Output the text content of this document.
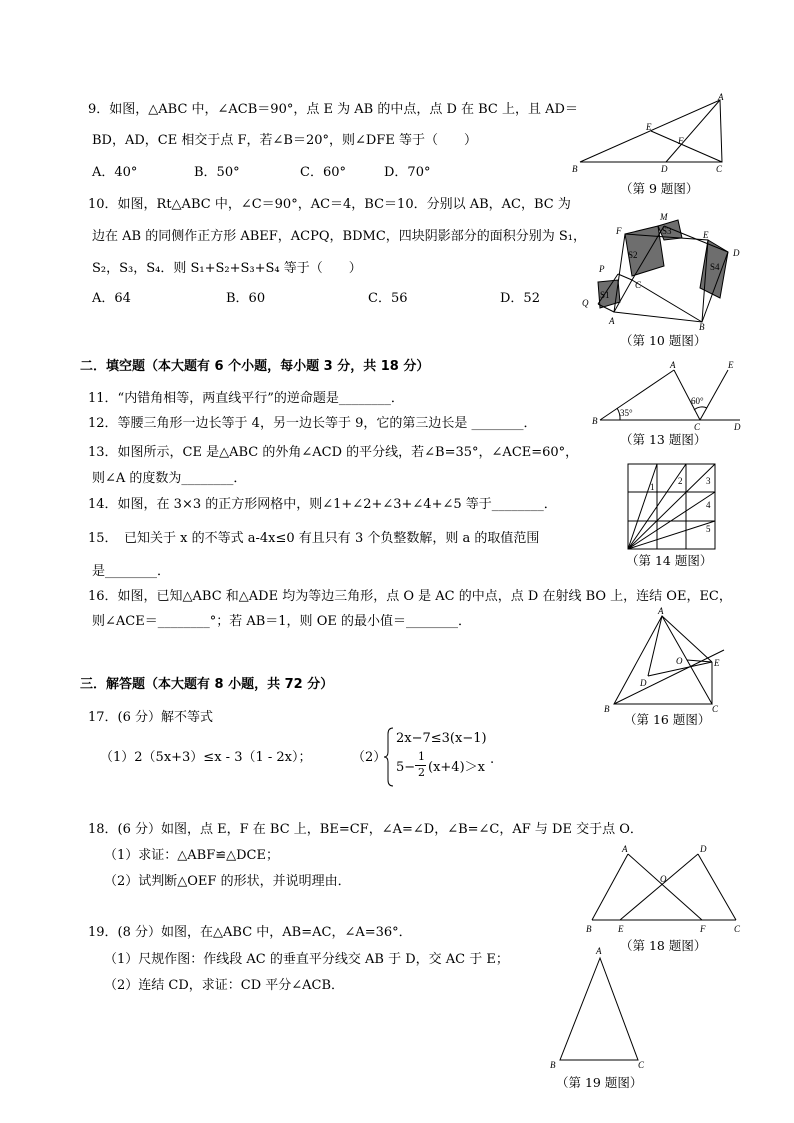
9．如图，△ABC 中，∠ACB＝90°，点 E 为 AB 的中点，点 D 在 BC 上，且 AD＝
BD，AD，CE 相交于点 F，若∠B＝20°，则∠DFE 等于（　　）
A．40°	B．50°	C．60°	D．70°
A
B	C
D
E
F
（第 9 题图）
10．如图，Rt△ABC 中，∠C＝90°，AC＝4，BC＝10．分别以 AB，AC，BC 为
边在 AB 的同侧作正方形 ABEF，ACPQ，BDMC，四块阴影部分的面积分别为 S₁，
S₂，S₃，S₄．则 S₁+S₂+S₃+S₄ 等于（　　）
A．64	B．60	C．56	D．52
M
F	E
D
P
C
Q
A
B
S1
S2
S3
S4
（第 10 题图）
二．填空题（本大题有 6 个小题，每小题 3 分，共 18 分）
11．“内错角相等，两直线平行”的逆命题是________．
12．等腰三角形一边长等于 4，另一边长等于 9，它的第三边长是 ________．
13．如图所示，CE 是△ABC 的外角∠ACD 的平分线，若∠B=35°，∠ACE=60°，
则∠A 的度数为________．
A
B
C	D
E
35°
60°
（第 13 题图）
14．如图，在 3×3 的正方形网格中，则∠1+∠2+∠3+∠4+∠5 等于________．
1
2	3
4
5
（第 14 题图）
15．　已知关于 x 的不等式 a-4x≤0 有且只有 3 个负整数解，则 a 的取值范围
是________．
16．如图，已知△ABC 和△ADE 均为等边三角形，点 O 是 AC 的中点，点 D 在射线 BO 上，连结 OE，EC，
则∠ACE＝________°；若 AB＝1，则 OE 的最小值＝________．
A
B	C
D
E
O
（第 16 题图）
三．解答题（本大题有 8 小题，共 72 分）
17．(6 分）解不等式
（1）2（5x+3）≤x - 3（1 - 2x）；	（2）
2x−7≤3(x−1)
5−
1
2 (x+4)＞x
.
18．(6 分）如图，点 E，F 在 BC 上，BE=CF，∠A=∠D，∠B=∠C，AF 与 DE 交于点 O．
（1）求证：△ABF≌△DCE；
（2）试判断△OEF 的形状，并说明理由．
A	D
B	E	F	C
O
（第 18 题图）
19．(8 分）如图，在△ABC 中，AB=AC，∠A=36°．
（1）尺规作图：作线段 AC 的垂直平分线交 AB 于 D，交 AC 于 E；
（2）连结 CD，求证：CD 平分∠ACB．
A
B	C
（第 19 题图）
